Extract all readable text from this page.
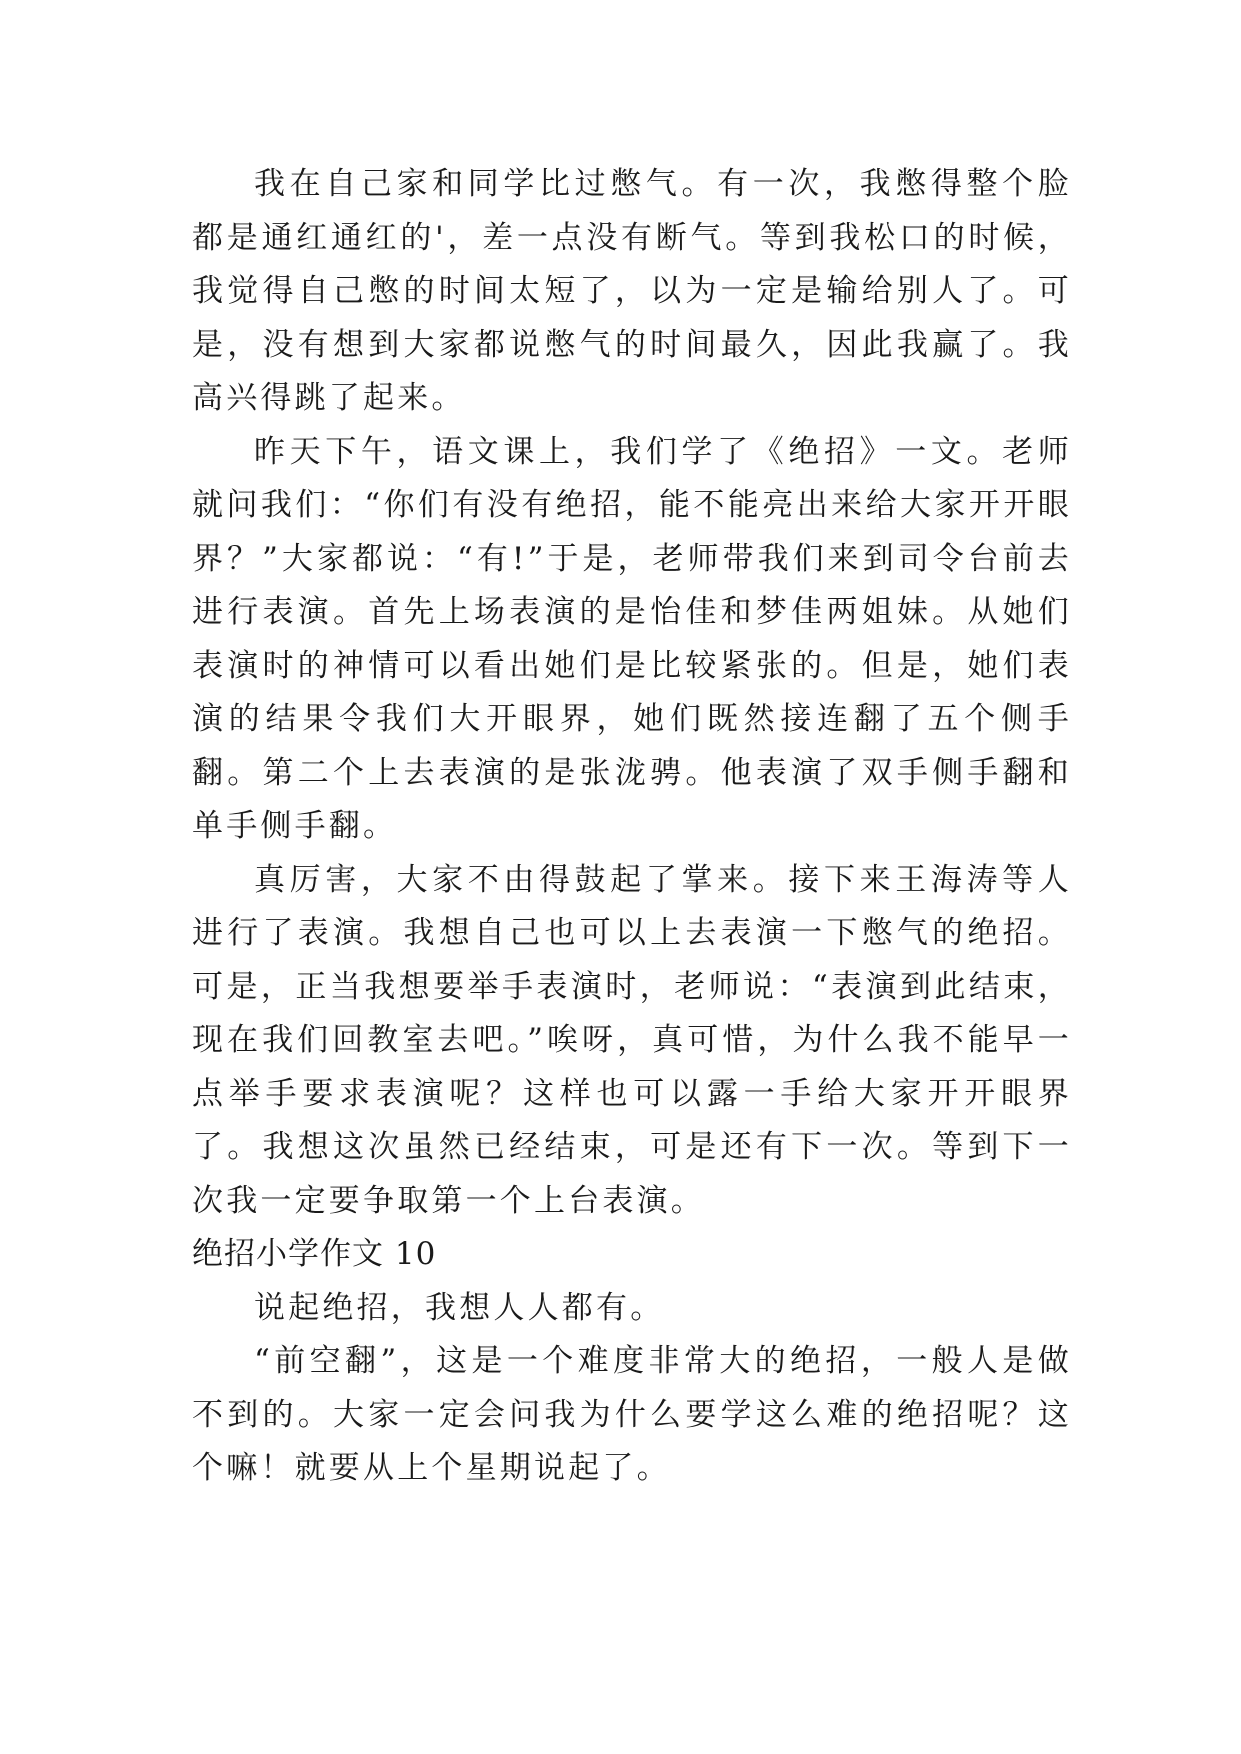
我在自己家和同学比过憋气。有一次，我憋得整个脸都是通红通红的'，差一点没有断气。等到我松口的时候，我觉得自己憋的时间太短了，以为一定是输给别人了。可是，没有想到大家都说憋气的时间最久，因此我赢了。我高兴得跳了起来。

昨天下午，语文课上，我们学了《绝招》一文。老师就问我们：“你们有没有绝招，能不能亮出来给大家开开眼界？”大家都说：“有!”于是，老师带我们来到司令台前去进行表演。首先上场表演的是怡佳和梦佳两姐妹。从她们表演时的神情可以看出她们是比较紧张的。但是，她们表演的结果令我们大开眼界，她们既然接连翻了五个侧手翻。第二个上去表演的是张泷骋。他表演了双手侧手翻和单手侧手翻。

真厉害，大家不由得鼓起了掌来。接下来王海涛等人进行了表演。我想自己也可以上去表演一下憋气的绝招。可是，正当我想要举手表演时，老师说：“表演到此结束，现在我们回教室去吧。”唉呀，真可惜，为什么我不能早一点举手要求表演呢？这样也可以露一手给大家开开眼界了。我想这次虽然已经结束，可是还有下一次。等到下一次我一定要争取第一个上台表演。

绝招小学作文 10

说起绝招，我想人人都有。

“前空翻”，这是一个难度非常大的绝招，一般人是做不到的。大家一定会问我为什么要学这么难的绝招呢？这个嘛！就要从上个星期说起了。
